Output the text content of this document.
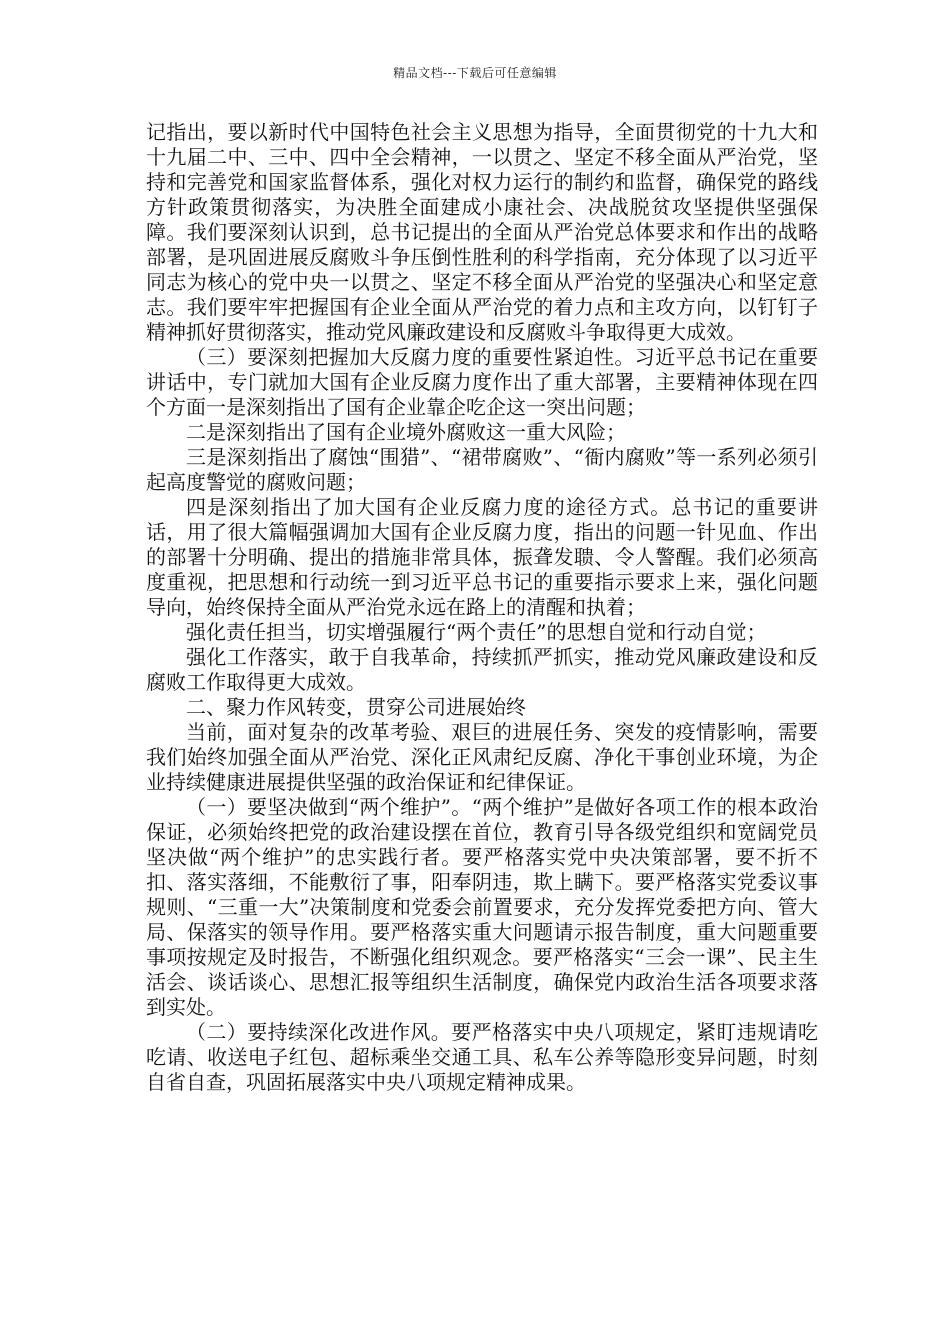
精品文档---下载后可任意编辑

记指出，要以新时代中国特色社会主义思想为指导，全面贯彻党的十九大和十九届二中、三中、四中全会精神，一以贯之、坚定不移全面从严治党，坚持和完善党和国家监督体系，强化对权力运行的制约和监督，确保党的路线方针政策贯彻落实，为决胜全面建成小康社会、决战脱贫攻坚提供坚强保障。我们要深刻认识到，总书记提出的全面从严治党总体要求和作出的战略部署，是巩固进展反腐败斗争压倒性胜利的科学指南，充分体现了以习近平同志为核心的党中央一以贯之、坚定不移全面从严治党的坚强决心和坚定意志。我们要牢牢把握国有企业全面从严治党的着力点和主攻方向，以钉钉子精神抓好贯彻落实，推动党风廉政建设和反腐败斗争取得更大成效。

（三）要深刻把握加大反腐力度的重要性紧迫性。习近平总书记在重要讲话中，专门就加大国有企业反腐力度作出了重大部署，主要精神体现在四个方面一是深刻指出了国有企业靠企吃企这一突出问题；

二是深刻指出了国有企业境外腐败这一重大风险；

三是深刻指出了腐蚀“围猎”、“裙带腐败”、“衙内腐败”等一系列必须引起高度警觉的腐败问题；

四是深刻指出了加大国有企业反腐力度的途径方式。总书记的重要讲话，用了很大篇幅强调加大国有企业反腐力度，指出的问题一针见血、作出的部署十分明确、提出的措施非常具体，振聋发聩、令人警醒。我们必须高度重视，把思想和行动统一到习近平总书记的重要指示要求上来，强化问题导向，始终保持全面从严治党永远在路上的清醒和执着；

强化责任担当，切实增强履行“两个责任”的思想自觉和行动自觉；

强化工作落实，敢于自我革命，持续抓严抓实，推动党风廉政建设和反腐败工作取得更大成效。

二、聚力作风转变，贯穿公司进展始终

当前，面对复杂的改革考验、艰巨的进展任务、突发的疫情影响，需要我们始终加强全面从严治党、深化正风肃纪反腐、净化干事创业环境，为企业持续健康进展提供坚强的政治保证和纪律保证。

（一）要坚决做到“两个维护”。“两个维护”是做好各项工作的根本政治保证，必须始终把党的政治建设摆在首位，教育引导各级党组织和宽阔党员坚决做“两个维护”的忠实践行者。要严格落实党中央决策部署，要不折不扣、落实落细，不能敷衍了事，阳奉阴违，欺上瞒下。要严格落实党委议事规则、“三重一大”决策制度和党委会前置要求，充分发挥党委把方向、管大局、保落实的领导作用。要严格落实重大问题请示报告制度，重大问题重要事项按规定及时报告，不断强化组织观念。要严格落实“三会一课”、民主生活会、谈话谈心、思想汇报等组织生活制度，确保党内政治生活各项要求落到实处。

（二）要持续深化改进作风。要严格落实中央八项规定，紧盯违规请吃吃请、收送电子红包、超标乘坐交通工具、私车公养等隐形变异问题，时刻自省自查，巩固拓展落实中央八项规定精神成果。
